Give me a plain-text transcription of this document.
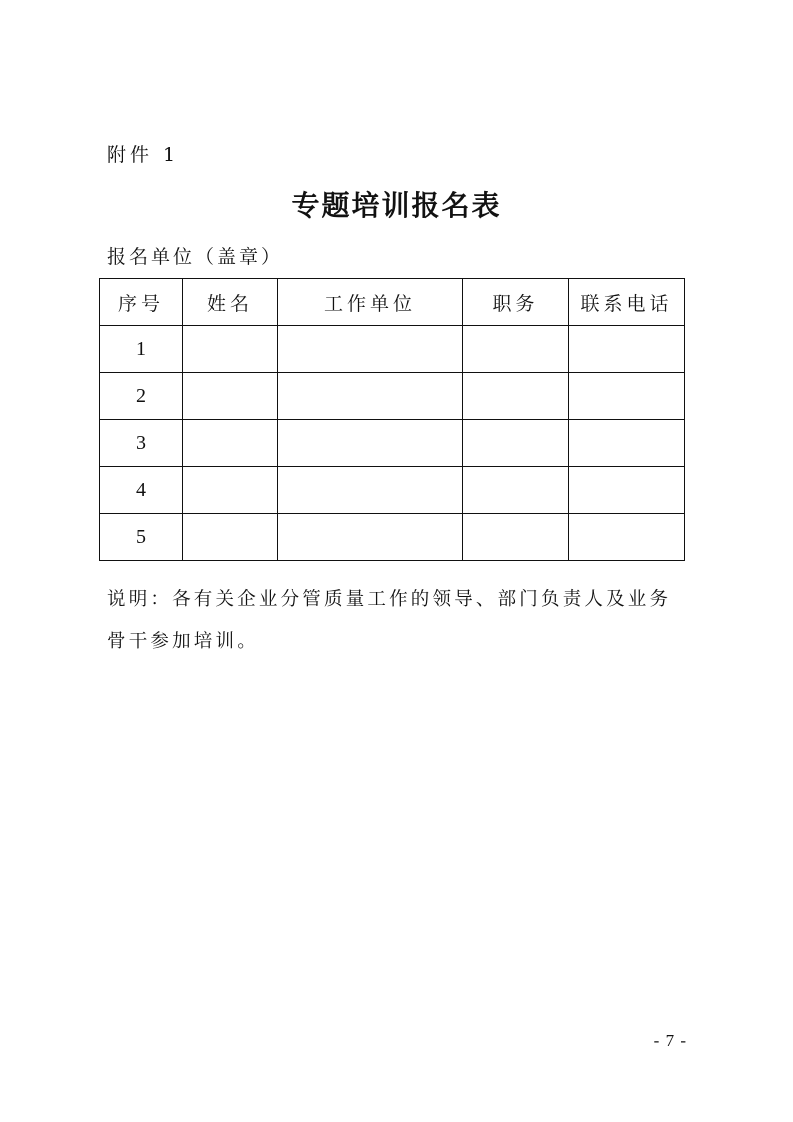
附件 1
专题培训报名表
报名单位（盖章）
序号	姓名	工作单位	职务	联系电话
1				
2				
3				
4				
5				
说明：各有关企业分管质量工作的领导、部门负责人及业务骨干参加培训。
- 7 -
